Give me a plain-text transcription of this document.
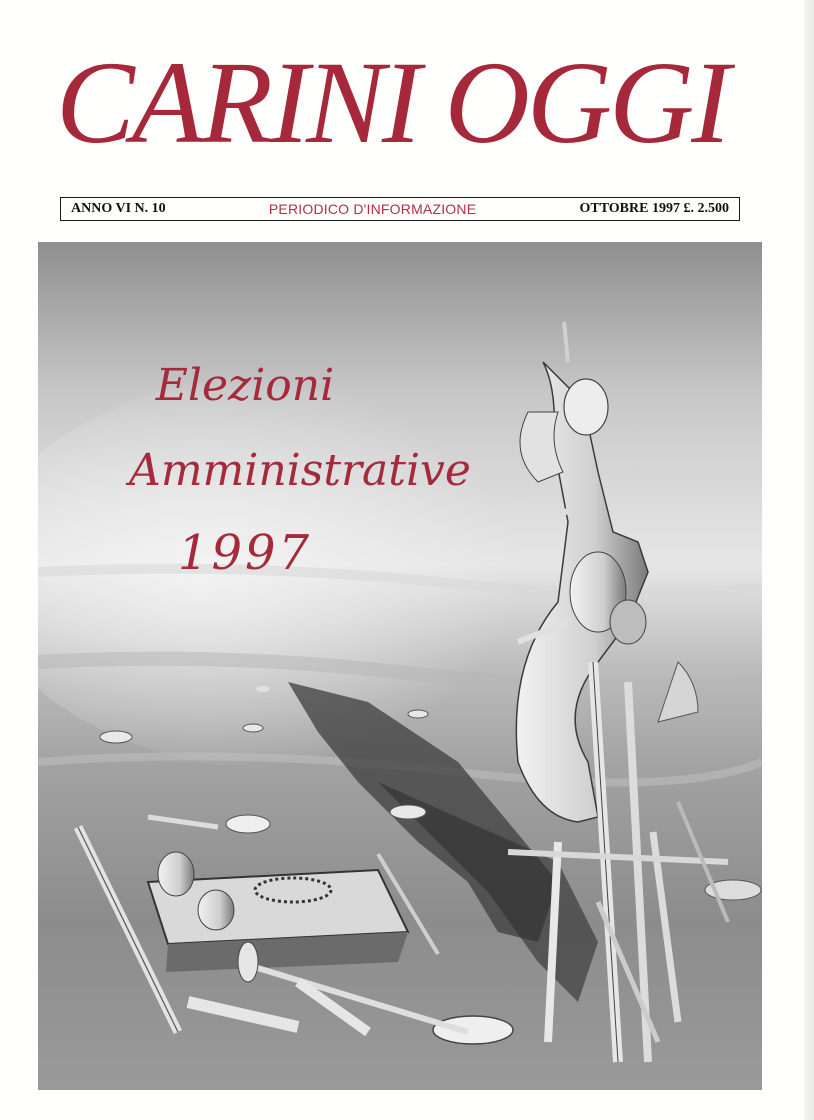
CARINI OGGI
ANNO VI N. 10	PERIODICO D'INFORMAZIONE	OTTOBRE 1997 £. 2.500
Elezioni
Amministrative
1997
